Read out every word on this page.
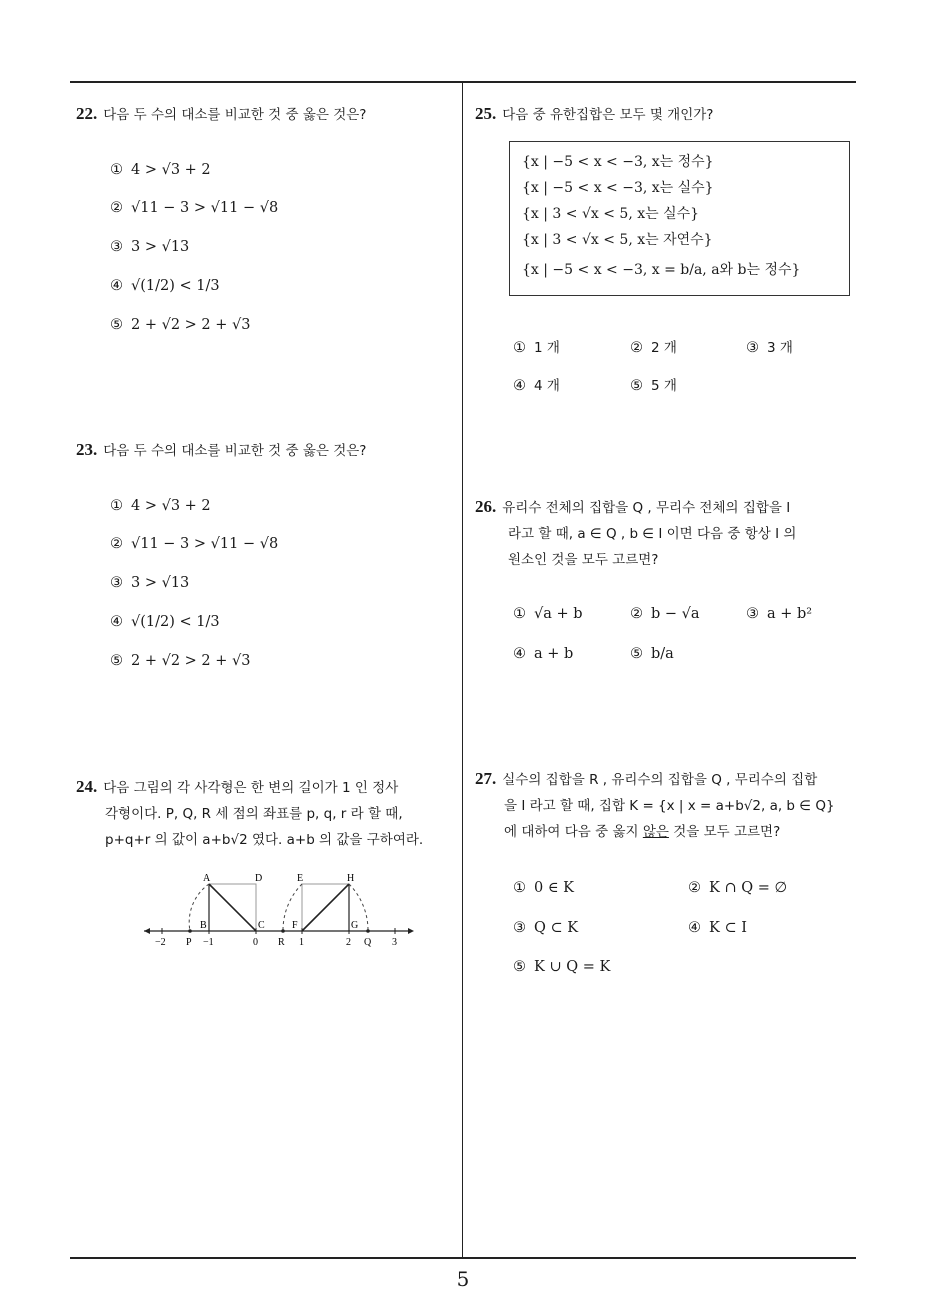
22. 다음 두 수의 대소를 비교한 것 중 옳은 것은?
① 4 > √3 + 2
② √11 − 3 > √11 − √8
③ 3 > √13
④ √(1/2) < 1/3
⑤ 2 + √2 > 2 + √3
23. 다음 두 수의 대소를 비교한 것 중 옳은 것은?
① 4 > √3 + 2
② √11 − 3 > √11 − √8
③ 3 > √13
④ √(1/2) < 1/3
⑤ 2 + √2 > 2 + √3
24. 다음 그림의 각 사각형은 한 변의 길이가 1 인 정사
각형이다. P, Q, R 세 점의 좌표를 p, q, r 라 할 때,
p+q+r 의 값이 a+b√2 였다. a+b 의 값을 구하여라.
A
B	C
D	E
F	G
H
−2 P −1	0 R 1	2 Q 3
25. 다음 중 유한집합은 모두 몇 개인가?
{x | −5 < x < −3, x는 정수}
{x | −5 < x < −3, x는 실수}
{x | 3 < √x < 5, x는 실수}
{x | 3 < √x < 5, x는 자연수}
{x | −5 < x < −3, x = b/a, a와 b는 정수}
① 1 개	② 2 개	③ 3 개
④ 4 개	⑤ 5 개
26. 유리수 전체의 집합을 Q , 무리수 전체의 집합을 I
라고 할 때, a ∈ Q , b ∈ I 이면 다음 중 항상 I 의
원소인 것을 모두 고르면?
① √a + b	② b − √a	③ a + b²
④ a + b	⑤ b/a
27. 실수의 집합을 R , 유리수의 집합을 Q , 무리수의 집합
을 I 라고 할 때, 집합 K = {x | x = a+b√2, a, b ∈ Q}
에 대하여 다음 중 옳지 않은 것을 모두 고르면?
① 0 ∈ K	② K ∩ Q = ∅
③ Q ⊂ K	④ K ⊂ I
⑤ K ∪ Q = K
5
